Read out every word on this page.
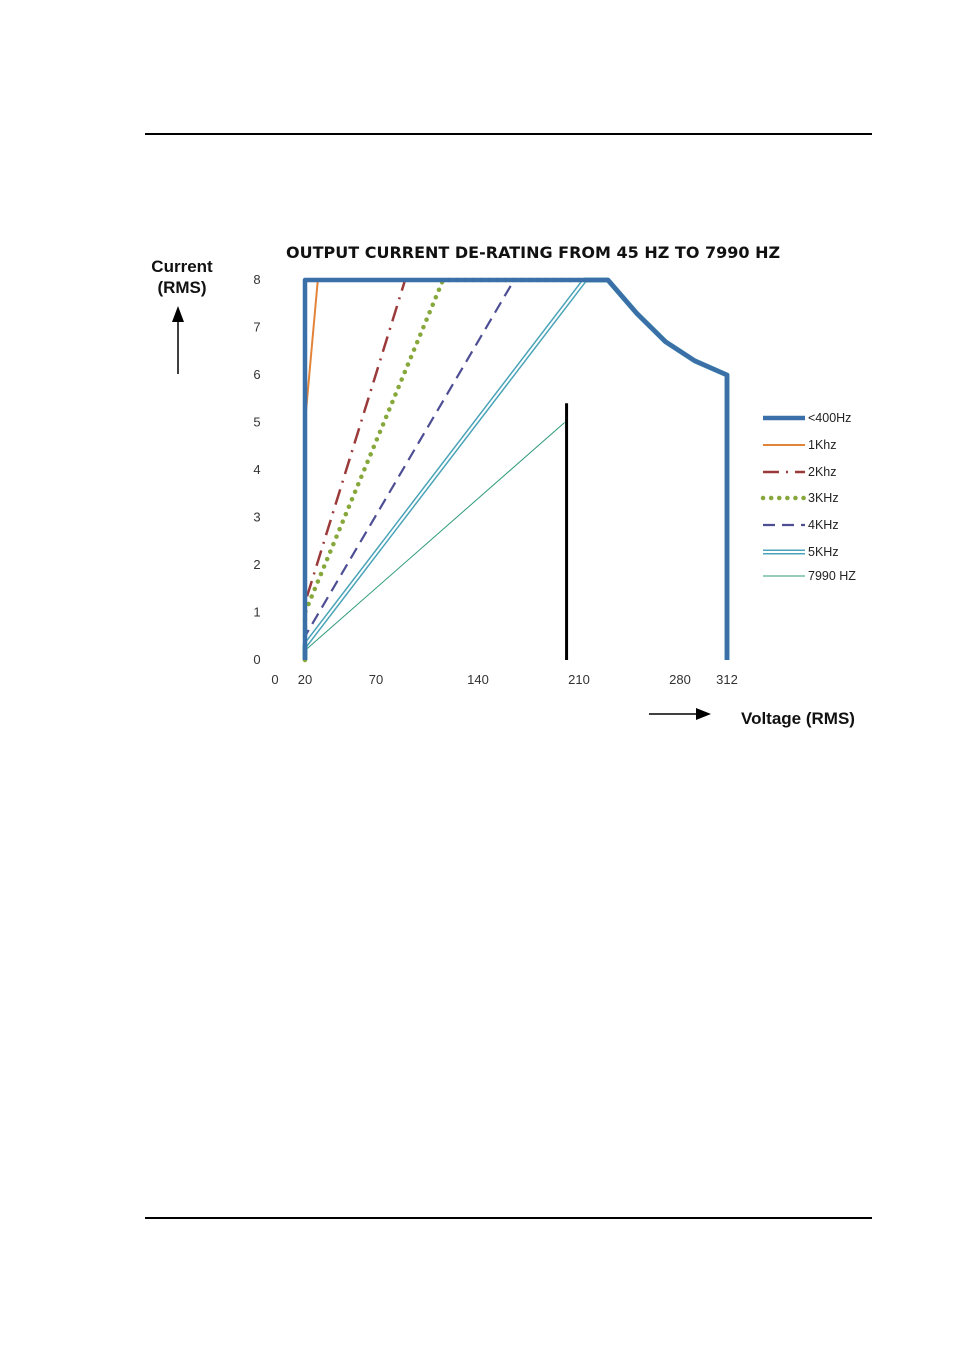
OUTPUT CURRENT DE-RATING FROM 45 HZ TO 7990 HZ
Current
(RMS)
Voltage (RMS)
0
1
2
3
4
5
6
7
8
0 20	70	140	210	280 312
<400Hz
1Khz
2Khz
3KHz
4KHz
5KHz
7990 HZ
